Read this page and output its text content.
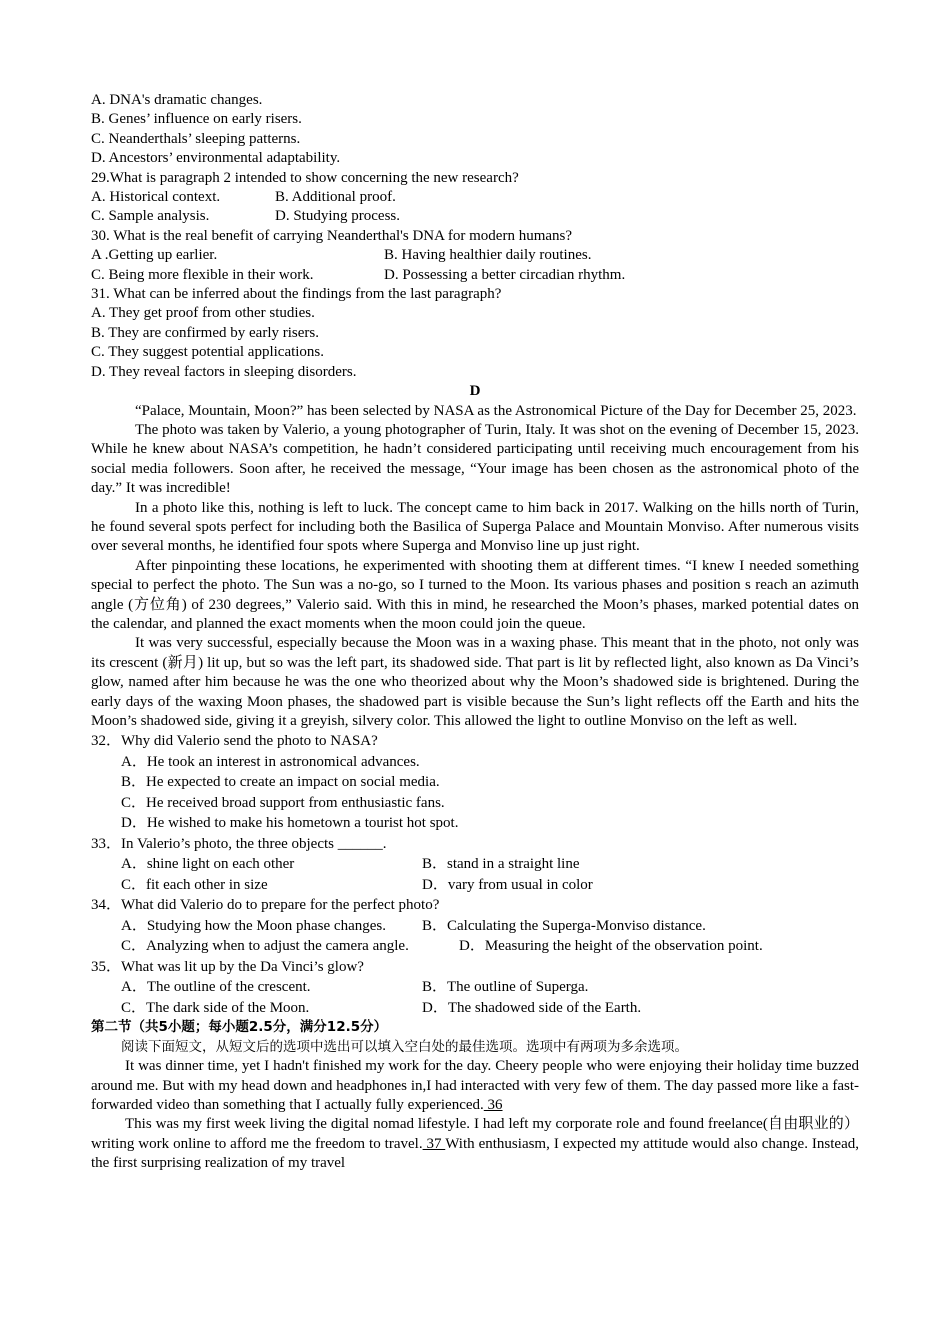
A. DNA's dramatic changes.
B. Genes’ influence on early risers.
C. Neanderthals’ sleeping patterns.
D. Ancestors’ environmental adaptability.
29.What is paragraph 2 intended to show concerning the new research?
A. Historical context.	B. Additional proof.
C. Sample analysis.	D. Studying process.
30. What is the real benefit of carrying Neanderthal's DNA for modern humans?
A .Getting up earlier.	B. Having healthier daily routines.
C. Being more flexible in their work.	D. Possessing a better circadian rhythm.
31. What can be inferred about the findings from the last paragraph?
A. They get proof from other studies.
B. They are confirmed by early risers.
C. They suggest potential applications.
D. They reveal factors in sleeping disorders.
D
“Palace, Mountain, Moon?” has been selected by NASA as the Astronomical Picture of the Day for December 25, 2023.
The photo was taken by Valerio, a young photographer of Turin, Italy. It was shot on the evening of December 15, 2023. While he knew about NASA’s competition, he hadn’t considered participating until receiving much encouragement from his social media followers. Soon after, he received the message, “Your image has been chosen as the astronomical photo of the day.” It was incredible!
In a photo like this, nothing is left to luck. The concept came to him back in 2017. Walking on the hills north of Turin, he found several spots perfect for including both the Basilica of Superga Palace and Mountain Monviso. After numerous visits over several months, he identified four spots where Superga and Monviso line up just right.
After pinpointing these locations, he experimented with shooting them at different times. “I knew I needed something special to perfect the photo. The Sun was a no-go, so I turned to the Moon. Its various phases and position s reach an azimuth angle (方位角) of 230 degrees,” Valerio said. With this in mind, he researched the Moon’s phases, marked potential dates on the calendar, and planned the exact moments when the moon could join the queue.
It was very successful, especially because the Moon was in a waxing phase. This meant that in the photo, not only was its crescent (新月) lit up, but so was the left part, its shadowed side. That part is lit by reflected light, also known as Da Vinci’s glow, named after him because he was the one who theorized about why the Moon’s shadowed side is brightened. During the early days of the waxing Moon phases, the shadowed part is visible because the Sun’s light reflects off the Earth and hits the Moon’s shadowed side, giving it a greyish, silvery color. This allowed the light to outline Monviso on the left as well.
32．Why did Valerio send the photo to NASA?
A．He took an interest in astronomical advances.
B．He expected to create an impact on social media.
C．He received broad support from enthusiastic fans.
D．He wished to make his hometown a tourist hot spot.
33．In Valerio’s photo, the three objects ______.
A．shine light on each other	B．stand in a straight line
C．fit each other in size	D．vary from usual in color
34．What did Valerio do to prepare for the perfect photo?
A．Studying how the Moon phase changes.	B．Calculating the Superga-Monviso distance.
C．Analyzing when to adjust the camera angle.	D．Measuring the height of the observation point.
35．What was lit up by the Da Vinci’s glow?
A．The outline of the crescent.	B．The outline of Superga.
C．The dark side of the Moon.	D．The shadowed side of the Earth.
第二节（共5小题；每小题2.5分，满分12.5分）
阅读下面短文，从短文后的选项中选出可以填入空白处的最佳选项。选项中有两项为多余选项。
It was dinner time, yet I hadn't finished my work for the day. Cheery people who were enjoying their holiday time buzzed around me. But with my head down and headphones in,I had interacted with very few of them. The day passed more like a fast-forwarded video than something that I actually fully experienced. 36
This was my first week living the digital nomad lifestyle. I had left my corporate role and found freelance(自由职业的）writing work online to afford me the freedom to travel. 37 With enthusiasm, I expected my attitude would also change. Instead, the first surprising realization of my travel
